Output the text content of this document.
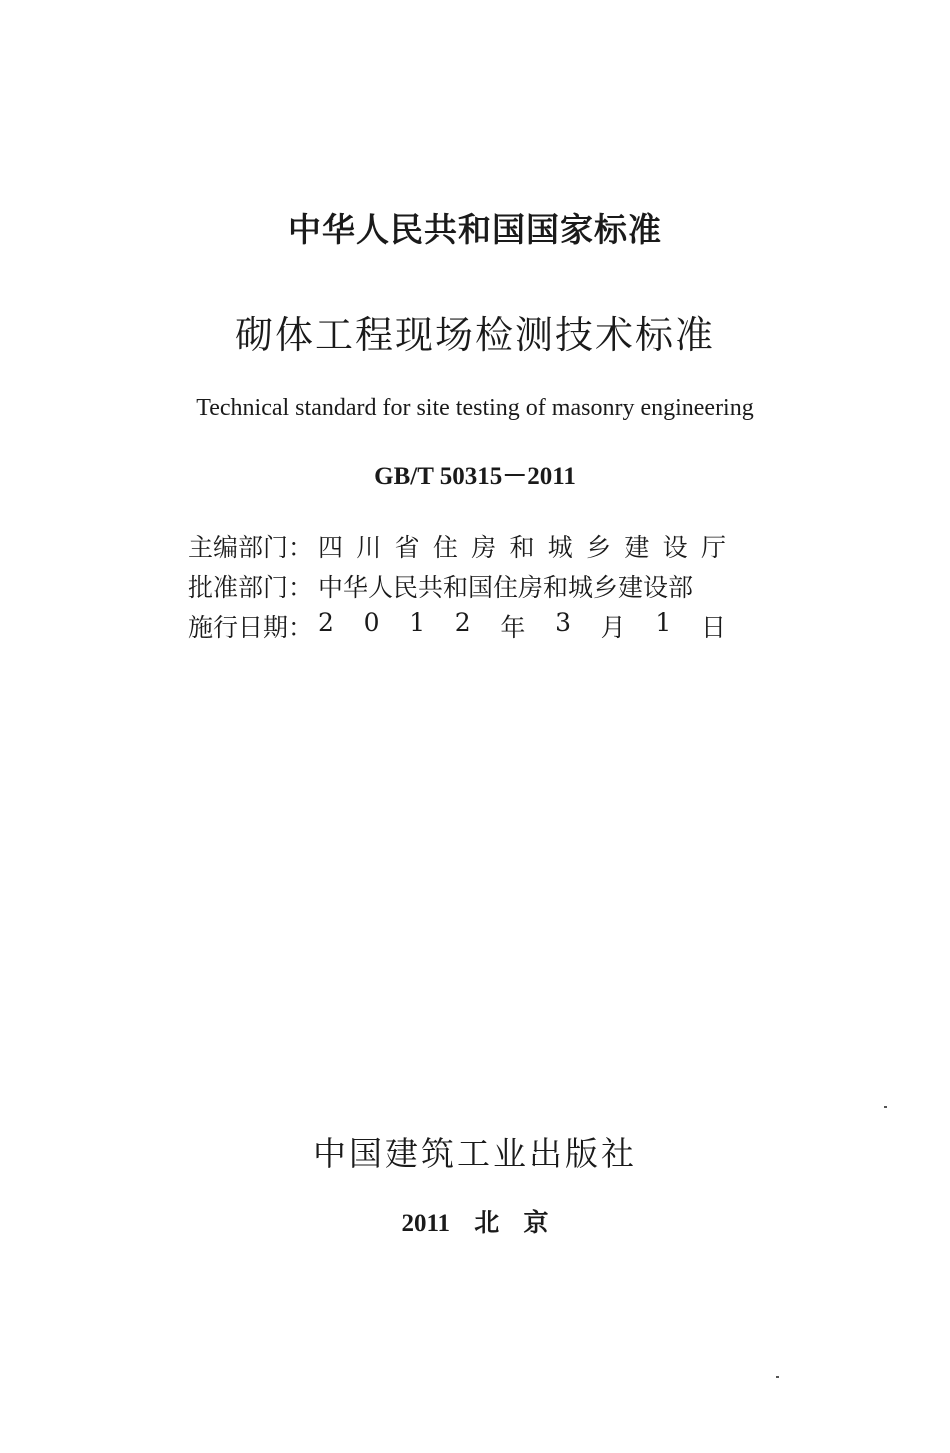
中华人民共和国国家标准
砌体工程现场检测技术标准
Technical standard for site testing of masonry engineering
GB/T 50315－2011
主编部门： 四 川 省 住 房 和 城 乡 建 设 厅
批准部门： 中华人民共和国住房和城乡建设部
施行日期： 2 0 1 2 年 3 月 1 日
中国建筑工业出版社
2011 北 京
